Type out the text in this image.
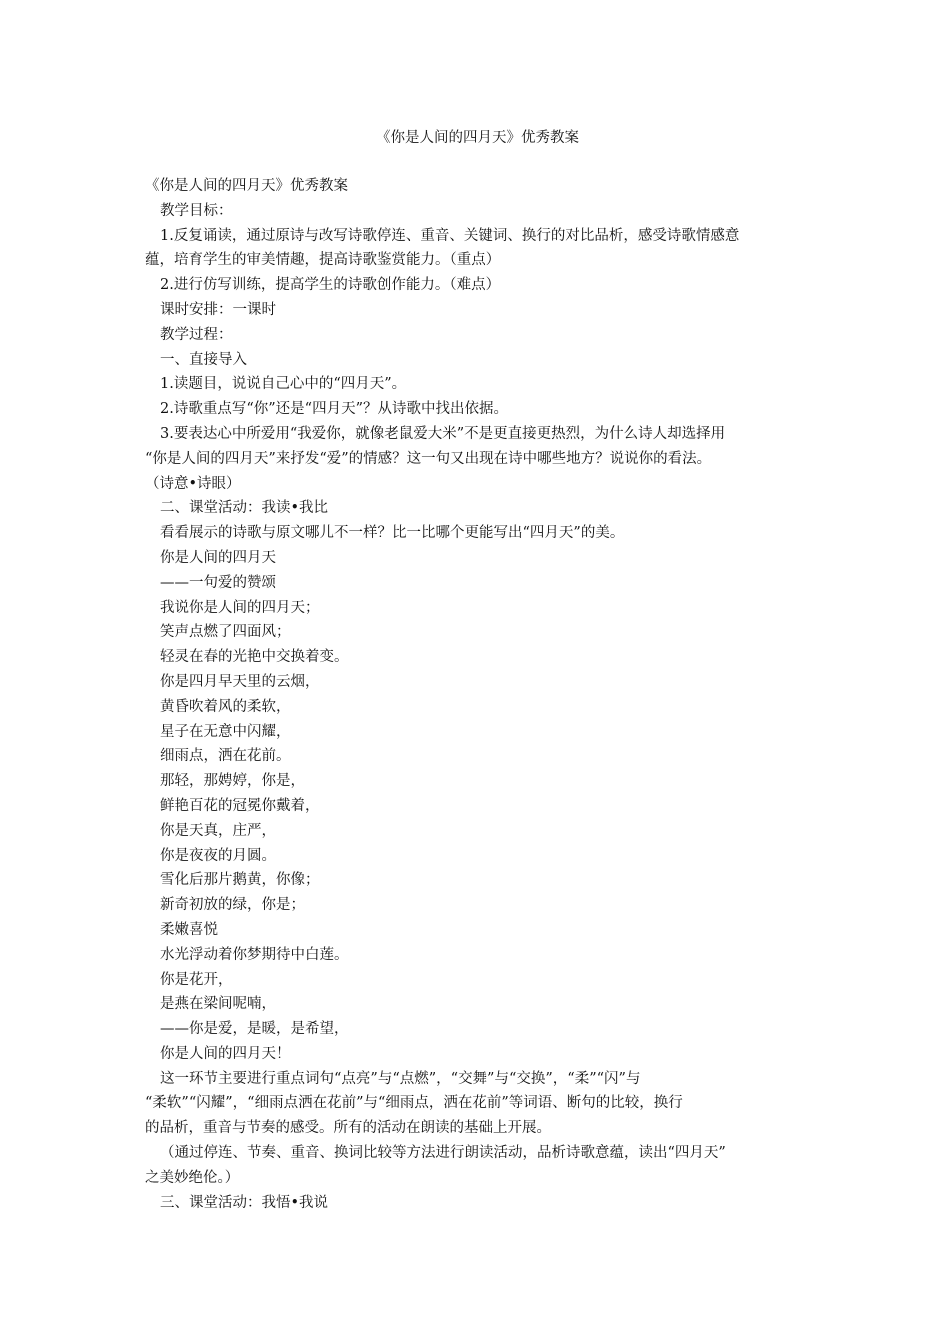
《你是人间的四月天》优秀教案
《你是人间的四月天》优秀教案
教学目标：
1.反复诵读，通过原诗与改写诗歌停连、重音、关键词、换行的对比品析，感受诗歌情感意
蕴，培育学生的审美情趣，提高诗歌鉴赏能力。（重点）
2.进行仿写训练，提高学生的诗歌创作能力。（难点）
课时安排：一课时
教学过程：
一、直接导入
1.读题目，说说自己心中的“四月天”。
2.诗歌重点写“你”还是“四月天”？从诗歌中找出依据。
3.要表达心中所爱用“我爱你，就像老鼠爱大米”不是更直接更热烈，为什么诗人却选择用
“你是人间的四月天”来抒发“爱”的情感？这一句又出现在诗中哪些地方？说说你的看法。
（诗意•诗眼）
二、课堂活动：我读•我比
看看展示的诗歌与原文哪儿不一样？比一比哪个更能写出“四月天”的美。
你是人间的四月天
——一句爱的赞颂
我说你是人间的四月天；
笑声点燃了四面风；
轻灵在春的光艳中交换着变。
你是四月早天里的云烟，
黄昏吹着风的柔软，
星子在无意中闪耀，
细雨点，洒在花前。
那轻，那娉婷，你是，
鲜艳百花的冠冕你戴着，
你是天真，庄严，
你是夜夜的月圆。
雪化后那片鹅黄，你像；
新奇初放的绿，你是；
柔嫩喜悦
水光浮动着你梦期待中白莲。
你是花开，
是燕在梁间呢喃，
——你是爱，是暖，是希望，
你是人间的四月天！
这一环节主要进行重点词句“点亮”与“点燃”，“交舞”与“交换”，“柔”“闪”与
“柔软”“闪耀”，“细雨点洒在花前”与“细雨点，洒在花前”等词语、断句的比较，换行
的品析，重音与节奏的感受。所有的活动在朗读的基础上开展。
（通过停连、节奏、重音、换词比较等方法进行朗读活动，品析诗歌意蕴，读出“四月天”
之美妙绝伦。）
三、课堂活动：我悟•我说
